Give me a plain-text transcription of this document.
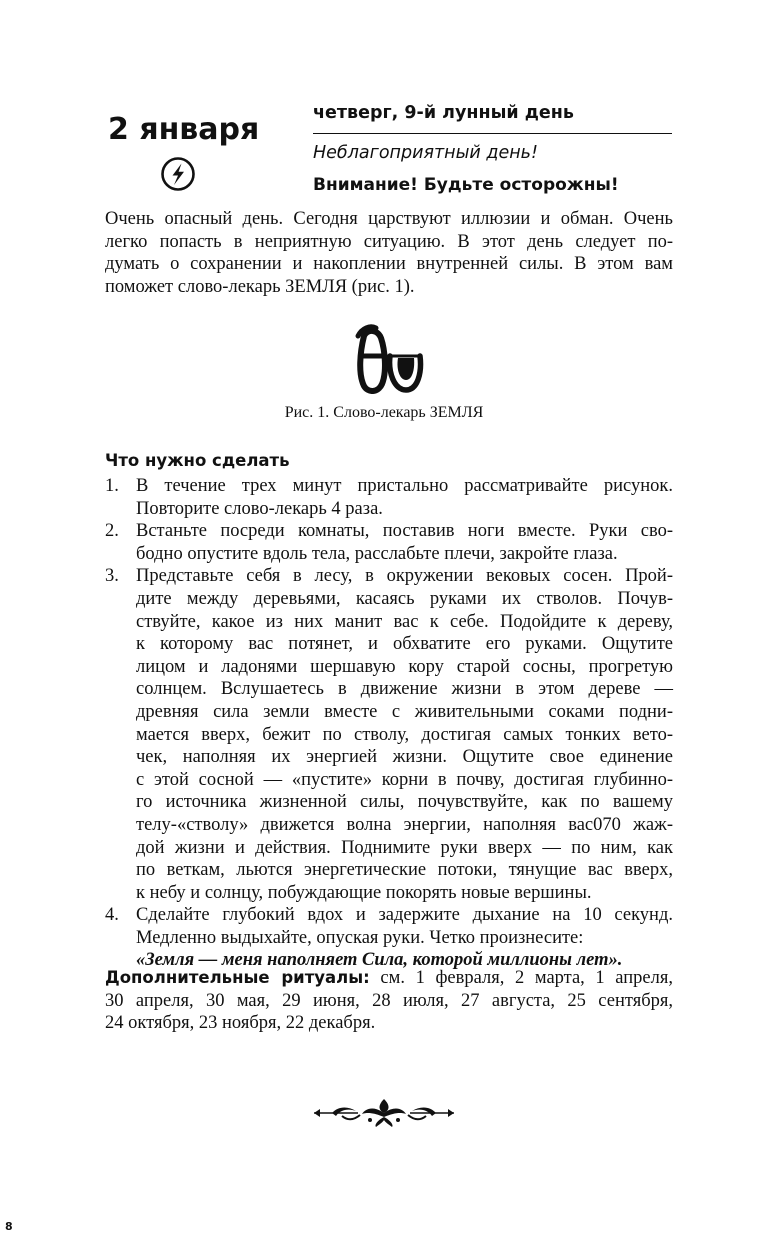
2 января	четверг, 9-й лунный день
Неблагоприятный день!
Внимание! Будьте осторожны!
Очень опасный день. Сегодня царствуют иллюзии и обман. Очень
легко попасть в неприятную ситуацию. В этот день следует по-
думать о сохранении и накоплении внутренней силы. В этом вам
поможет слово-лекарь ЗЕМЛЯ (рис. 1).
Рис. 1. Слово-лекарь ЗЕМЛЯ
Что нужно сделать
1. В течение трех минут пристально рассматривайте рисунок.
Повторите слово-лекарь 4 раза.
2. Встаньте посреди комнаты, поставив ноги вместе. Руки сво-
бодно опустите вдоль тела, расслабьте плечи, закройте глаза.
3. Представьте себя в лесу, в окружении вековых сосен. Прой-
дите между деревьями, касаясь руками их стволов. Почув-
ствуйте, какое из них манит вас к себе. Подойдите к дереву,
к которому вас потянет, и обхватите его руками. Ощутите
лицом и ладонями шершавую кору старой сосны, прогретую
солнцем. Вслушаетесь в движение жизни в этом дереве —
древняя сила земли вместе с живительными соками подни-
мается вверх, бежит по стволу, достигая самых тонких вето-
чек, наполняя их энергией жизни. Ощутите свое единение
с этой сосной — «пустите» корни в почву, достигая глубинно-
го источника жизненной силы, почувствуйте, как по вашему
телу-«стволу» движется волна энергии, наполняя вас070 жаж-
дой жизни и действия. Поднимите руки вверх — по ним, как
по веткам, льются энергетические потоки, тянущие вас вверх,
к небу и солнцу, побуждающие покорять новые вершины.
4. Сделайте глубокий вдох и задержите дыхание на 10 секунд.
Медленно выдыхайте, опуская руки. Четко произнесите:
«Земля — меня наполняет Сила, которой миллионы лет».
Дополнительные ритуалы: см. 1 февраля, 2 марта, 1 апреля,
30 апреля, 30 мая, 29 июня, 28 июля, 27 августа, 25 сентября,
24 октября, 23 ноября, 22 декабря.
8
